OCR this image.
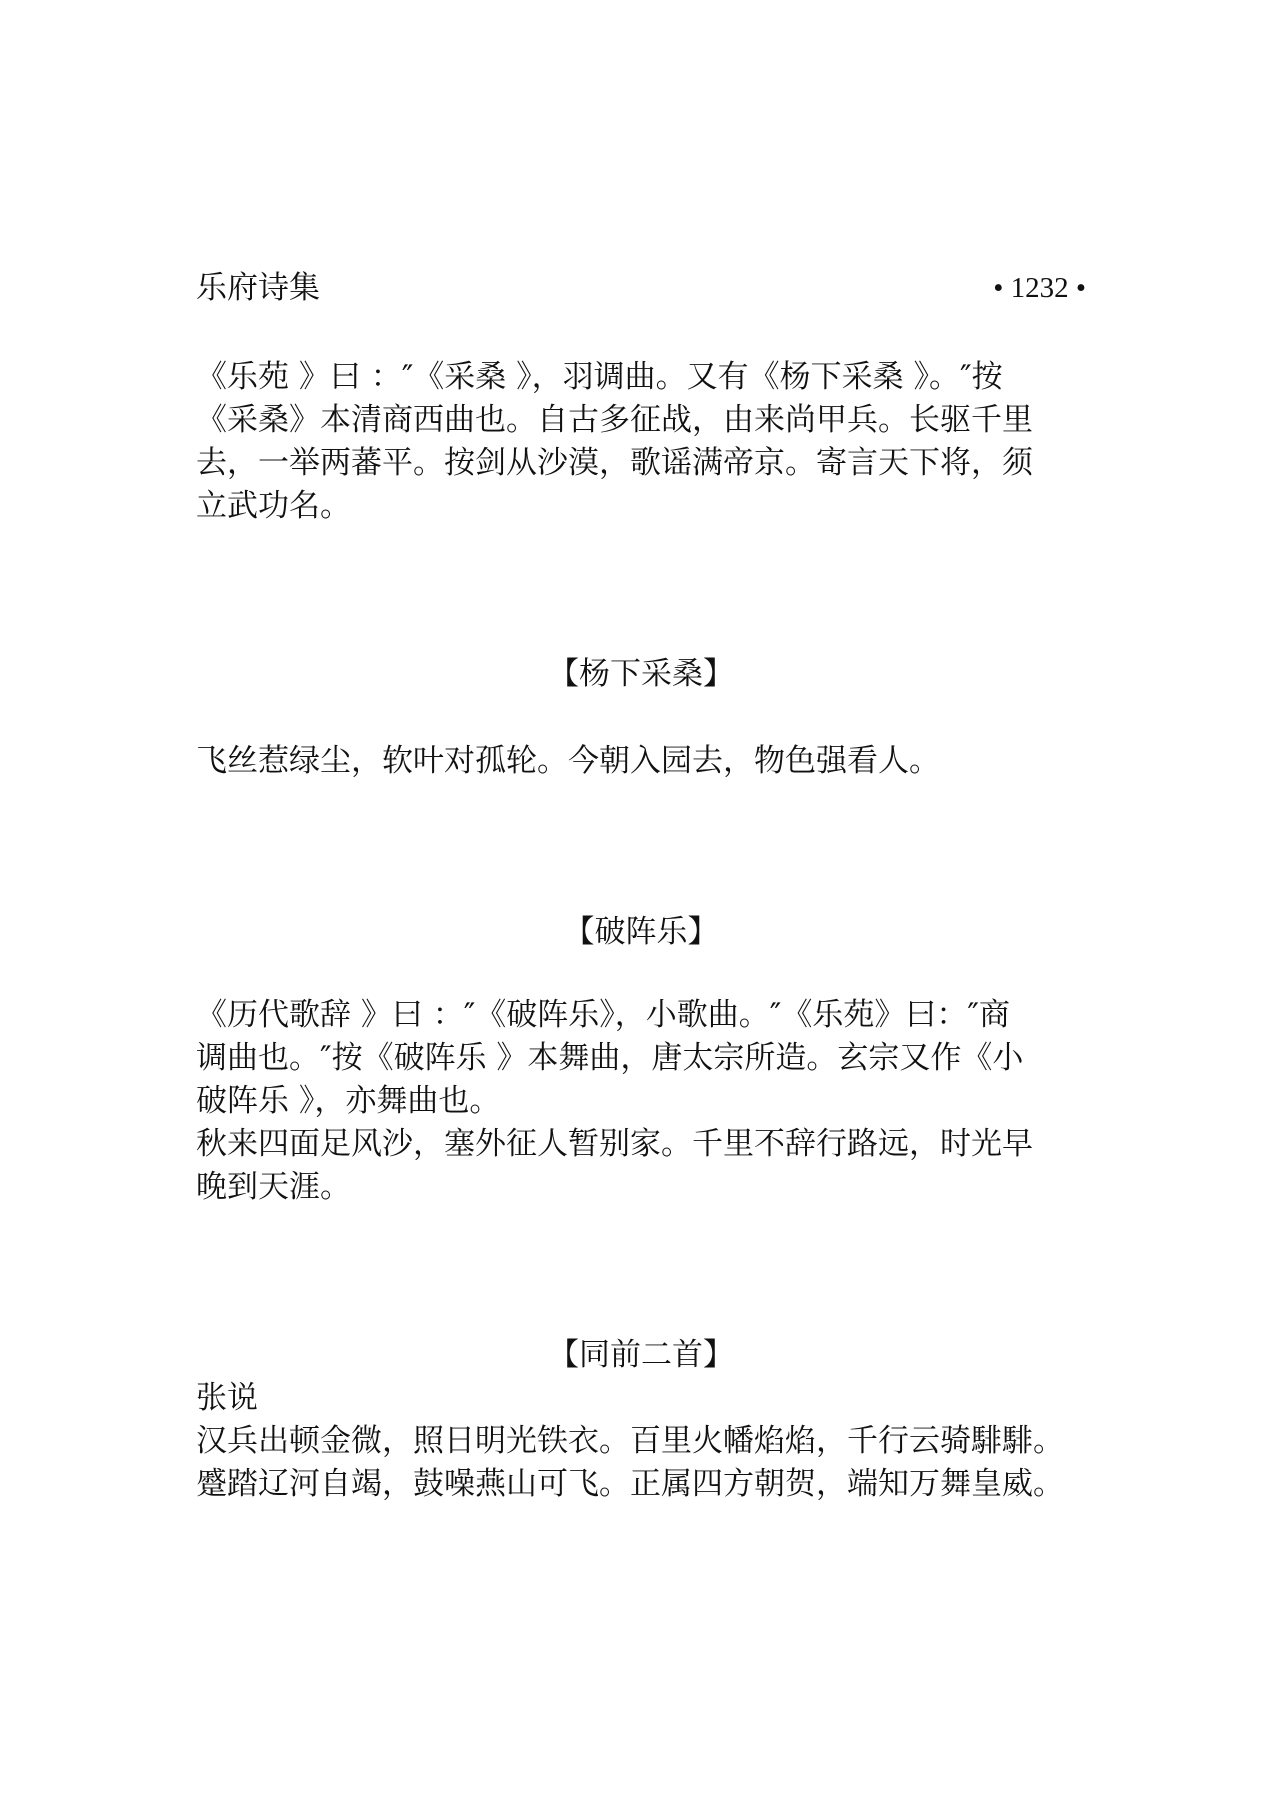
乐府诗集	• 1232 •
《乐苑 》曰 ：″《采桑 》，羽调曲。又有《杨下采桑 》。″按
《采桑》本清商西曲也。自古多征战，由来尚甲兵。长驱千里
去，一举两蕃平。按剑从沙漠，歌谣满帝京。寄言天下将，须
立武功名。
【杨下采桑】
飞丝惹绿尘，软叶对孤轮。今朝入园去，物色强看人。
【破阵乐】
《历代歌辞 》曰 ：″《破阵乐》，小歌曲。″《乐苑》曰：″商
调曲也。″按《破阵乐 》本舞曲，唐太宗所造。玄宗又作《小
破阵乐 》，亦舞曲也。
秋来四面足风沙，塞外征人暂别家。千里不辞行路远，时光早
晚到天涯。
【同前二首】
张说
汉兵出顿金微，照日明光铁衣。百里火幡焰焰，千行云骑騑騑。
蹙踏辽河自竭，鼓噪燕山可飞。正属四方朝贺，端知万舞皇威。
